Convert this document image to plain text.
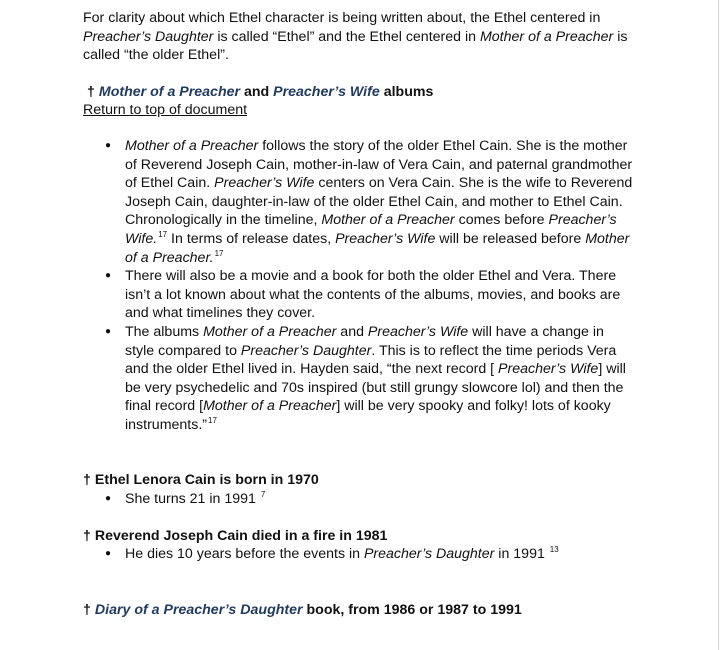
For clarity about which Ethel character is being written about, the Ethel centered in Preacher’s Daughter is called “Ethel” and the Ethel centered in Mother of a Preacher is called “the older Ethel”.

† Mother of a Preacher and Preacher’s Wife albums

Return to top of document

● Mother of a Preacher follows the story of the older Ethel Cain. She is the mother of Reverend Joseph Cain, mother-in-law of Vera Cain, and paternal grandmother of Ethel Cain. Preacher’s Wife centers on Vera Cain. She is the wife to Reverend Joseph Cain, daughter-in-law of the older Ethel Cain, and mother to Ethel Cain. Chronologically in the timeline, Mother of a Preacher comes before Preacher’s Wife.$^{17}$ In terms of release dates, Preacher’s Wife will be released before Mother of a Preacher.$^{17}$
● There will also be a movie and a book for both the older Ethel and Vera. There isn’t a lot known about what the contents of the albums, movies, and books are and what timelines they cover.
● The albums Mother of a Preacher and Preacher’s Wife will have a change in style compared to Preacher’s Daughter. This is to reflect the time periods Vera and the older Ethel lived in. Hayden said, “the next record [ Preacher’s Wife] will be very psychedelic and 70s inspired (but still grungy slowcore lol) and then the final record [Mother of a Preacher] will be very spooky and folky! lots of kooky instruments.”$^{17}$

† Ethel Lenora Cain is born in 1970

● She turns 21 in 1991 $^7$

† Reverend Joseph Cain died in a fire in 1981

● He dies 10 years before the events in Preacher’s Daughter in 1991 $^{13}$

† Diary of a Preacher’s Daughter book, from 1986 or 1987 to 1991
